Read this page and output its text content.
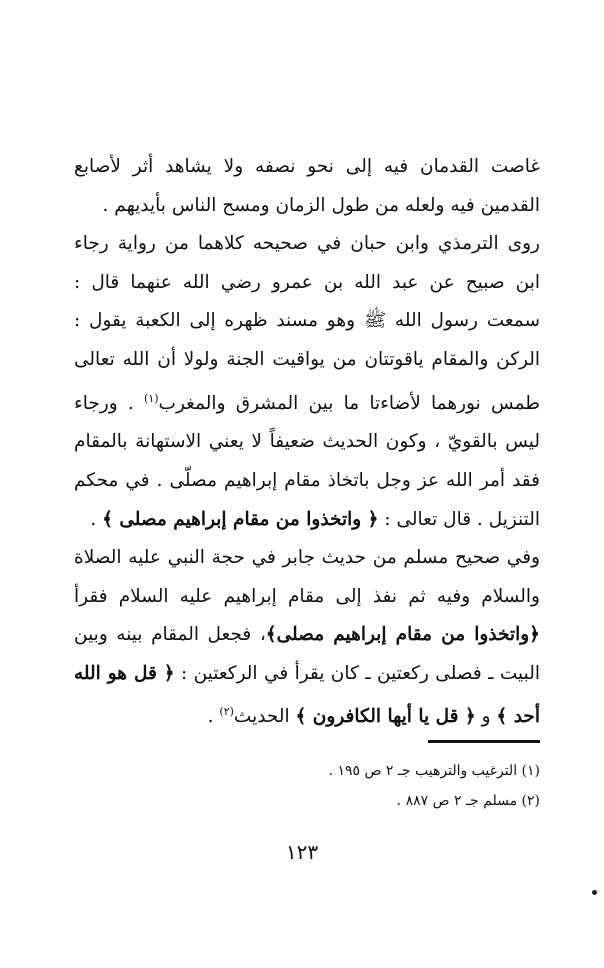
غاصت القدمان فيه إلى نحو نصفه ولا يشاهد أثر لأصابع القدمين فيه ولعله من طول الزمان ومسح الناس بأيديهم .

روى الترمذي وابن حبان في صحيحه كلاهما من رواية رجاء ابن صبيح عن عبد الله بن عمرو رضي الله عنهما قال : سمعت رسول الله ﷺ وهو مسند ظهره إلى الكعبة يقول : الركن والمقام ياقوتتان من يواقيت الجنة ولولا أن الله تعالى طمس نورهما لأضاءتا ما بين المشرق والمغرب$^{(١)}$ . ورجاء ليس بالقويّ ، وكون الحديث ضعيفاً لا يعني الاستهانة بالمقام فقد أمر الله عز وجل باتخاذ مقام إبراهيم مصلّى . في محكم التنزيل . قال تعالى : ﴿ واتخذوا من مقام إبراهيم مصلى ﴾ .

وفي صحيح مسلم من حديث جابر في حجة النبي عليه الصلاة والسلام وفيه ثم نفذ إلى مقام إبراهيم عليه السلام فقرأ ﴿واتخذوا من مقام إبراهيم مصلى﴾، فجعل المقام بينه وبين البيت ـ فصلى ركعتين ـ كان يقرأ في الركعتين : ﴿ قل هو الله أحد ﴾ و ﴿ قل يا أيها الكافرون ﴾ الحديث$^{(٢)}$ .

(١) الترغيب والترهيب جـ ٢ ص ١٩٥ .
(٢) مسلم جـ ٢ ص ٨٨٧ .
١٢٣
